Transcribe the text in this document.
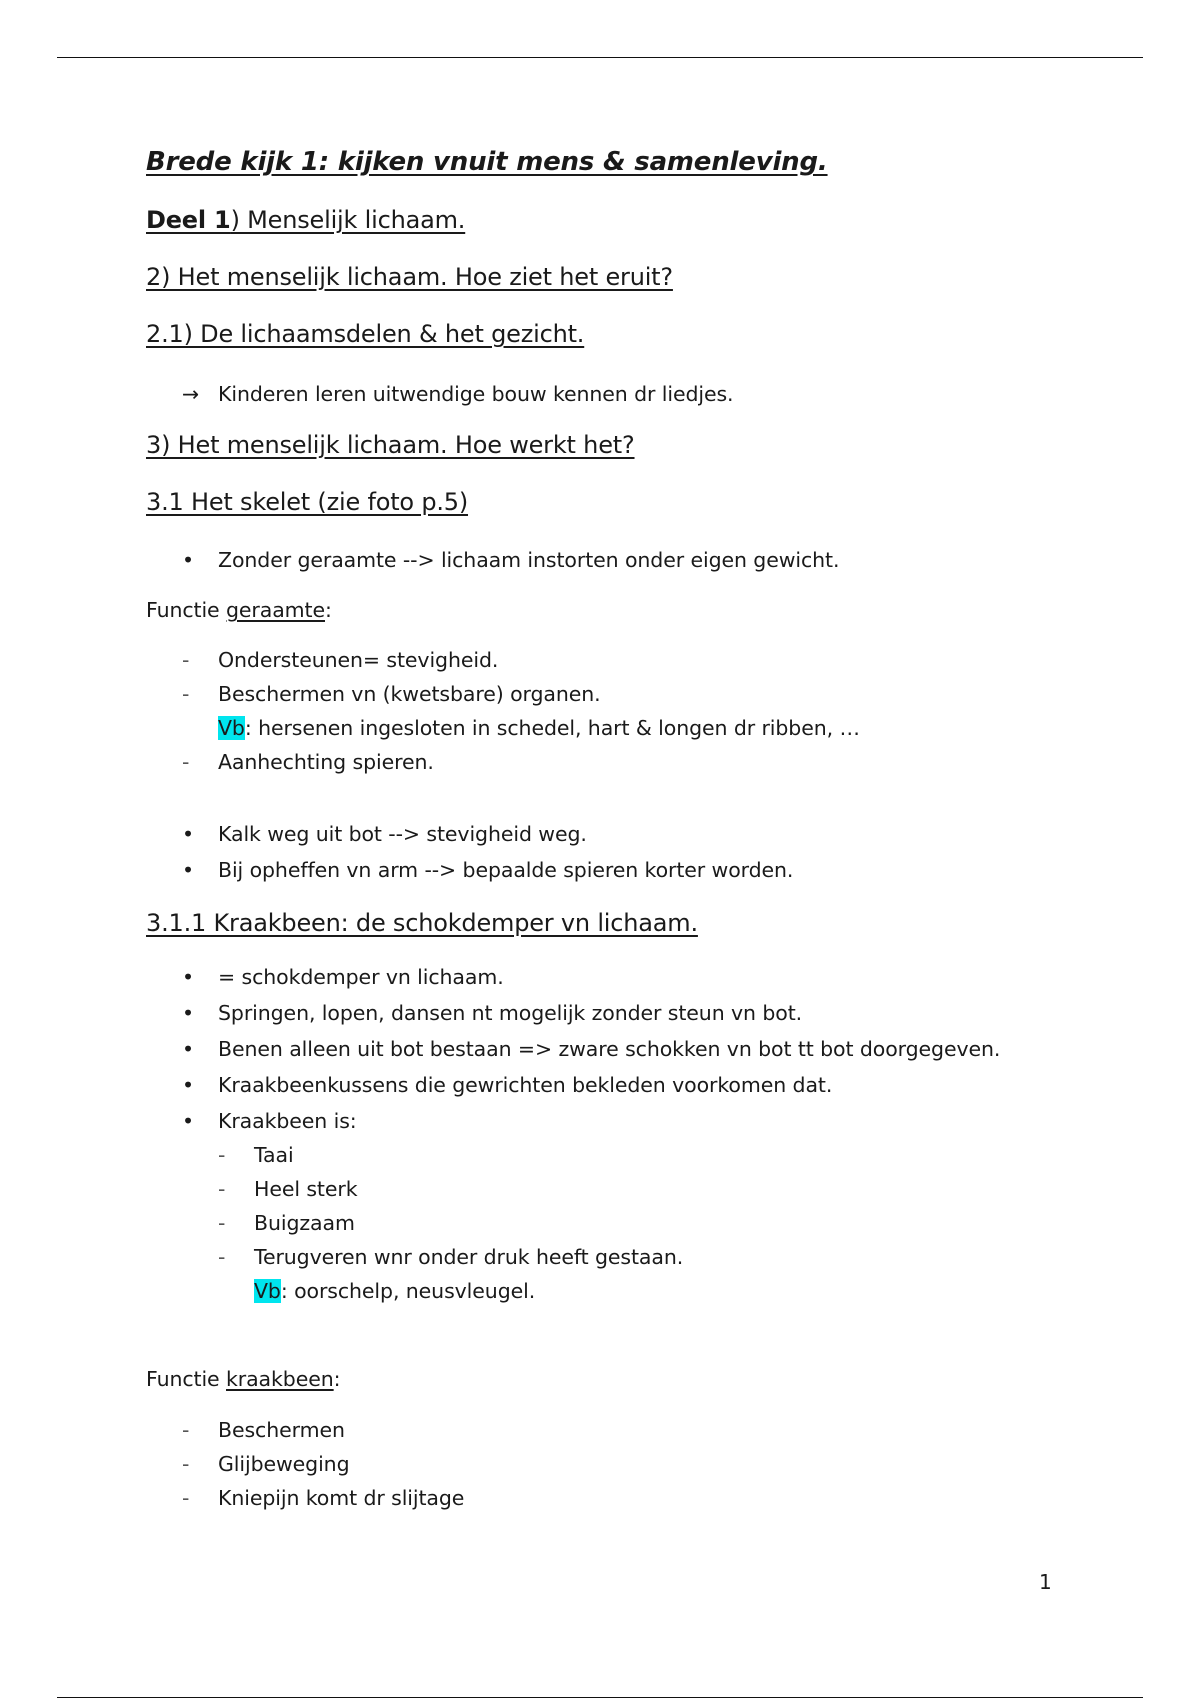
Brede kijk 1: kijken vnuit mens & samenleving.
Deel 1) Menselijk lichaam.
2) Het menselijk lichaam. Hoe ziet het eruit?
2.1) De lichaamsdelen & het gezicht.
→ Kinderen leren uitwendige bouw kennen dr liedjes.
3) Het menselijk lichaam. Hoe werkt het?
3.1 Het skelet (zie foto p.5)
•	Zonder geraamte --> lichaam instorten onder eigen gewicht.
Functie geraamte:
-	Ondersteunen= stevigheid.
-	Beschermen vn (kwetsbare) organen.
Vb: hersenen ingesloten in schedel, hart & longen dr ribben, …
-	Aanhechting spieren.
•	Kalk weg uit bot --> stevigheid weg.
•	Bij opheffen vn arm --> bepaalde spieren korter worden.
3.1.1 Kraakbeen: de schokdemper vn lichaam.
•	= schokdemper vn lichaam.
•	Springen, lopen, dansen nt mogelijk zonder steun vn bot.
•	Benen alleen uit bot bestaan => zware schokken vn bot tt bot doorgegeven.
•	Kraakbeenkussens die gewrichten bekleden voorkomen dat.
•	Kraakbeen is:
-	Taai
-	Heel sterk
-	Buigzaam
-	Terugveren wnr onder druk heeft gestaan.
Vb: oorschelp, neusvleugel.
Functie kraakbeen:
-	Beschermen
-	Glijbeweging
-	Kniepijn komt dr slijtage
1
